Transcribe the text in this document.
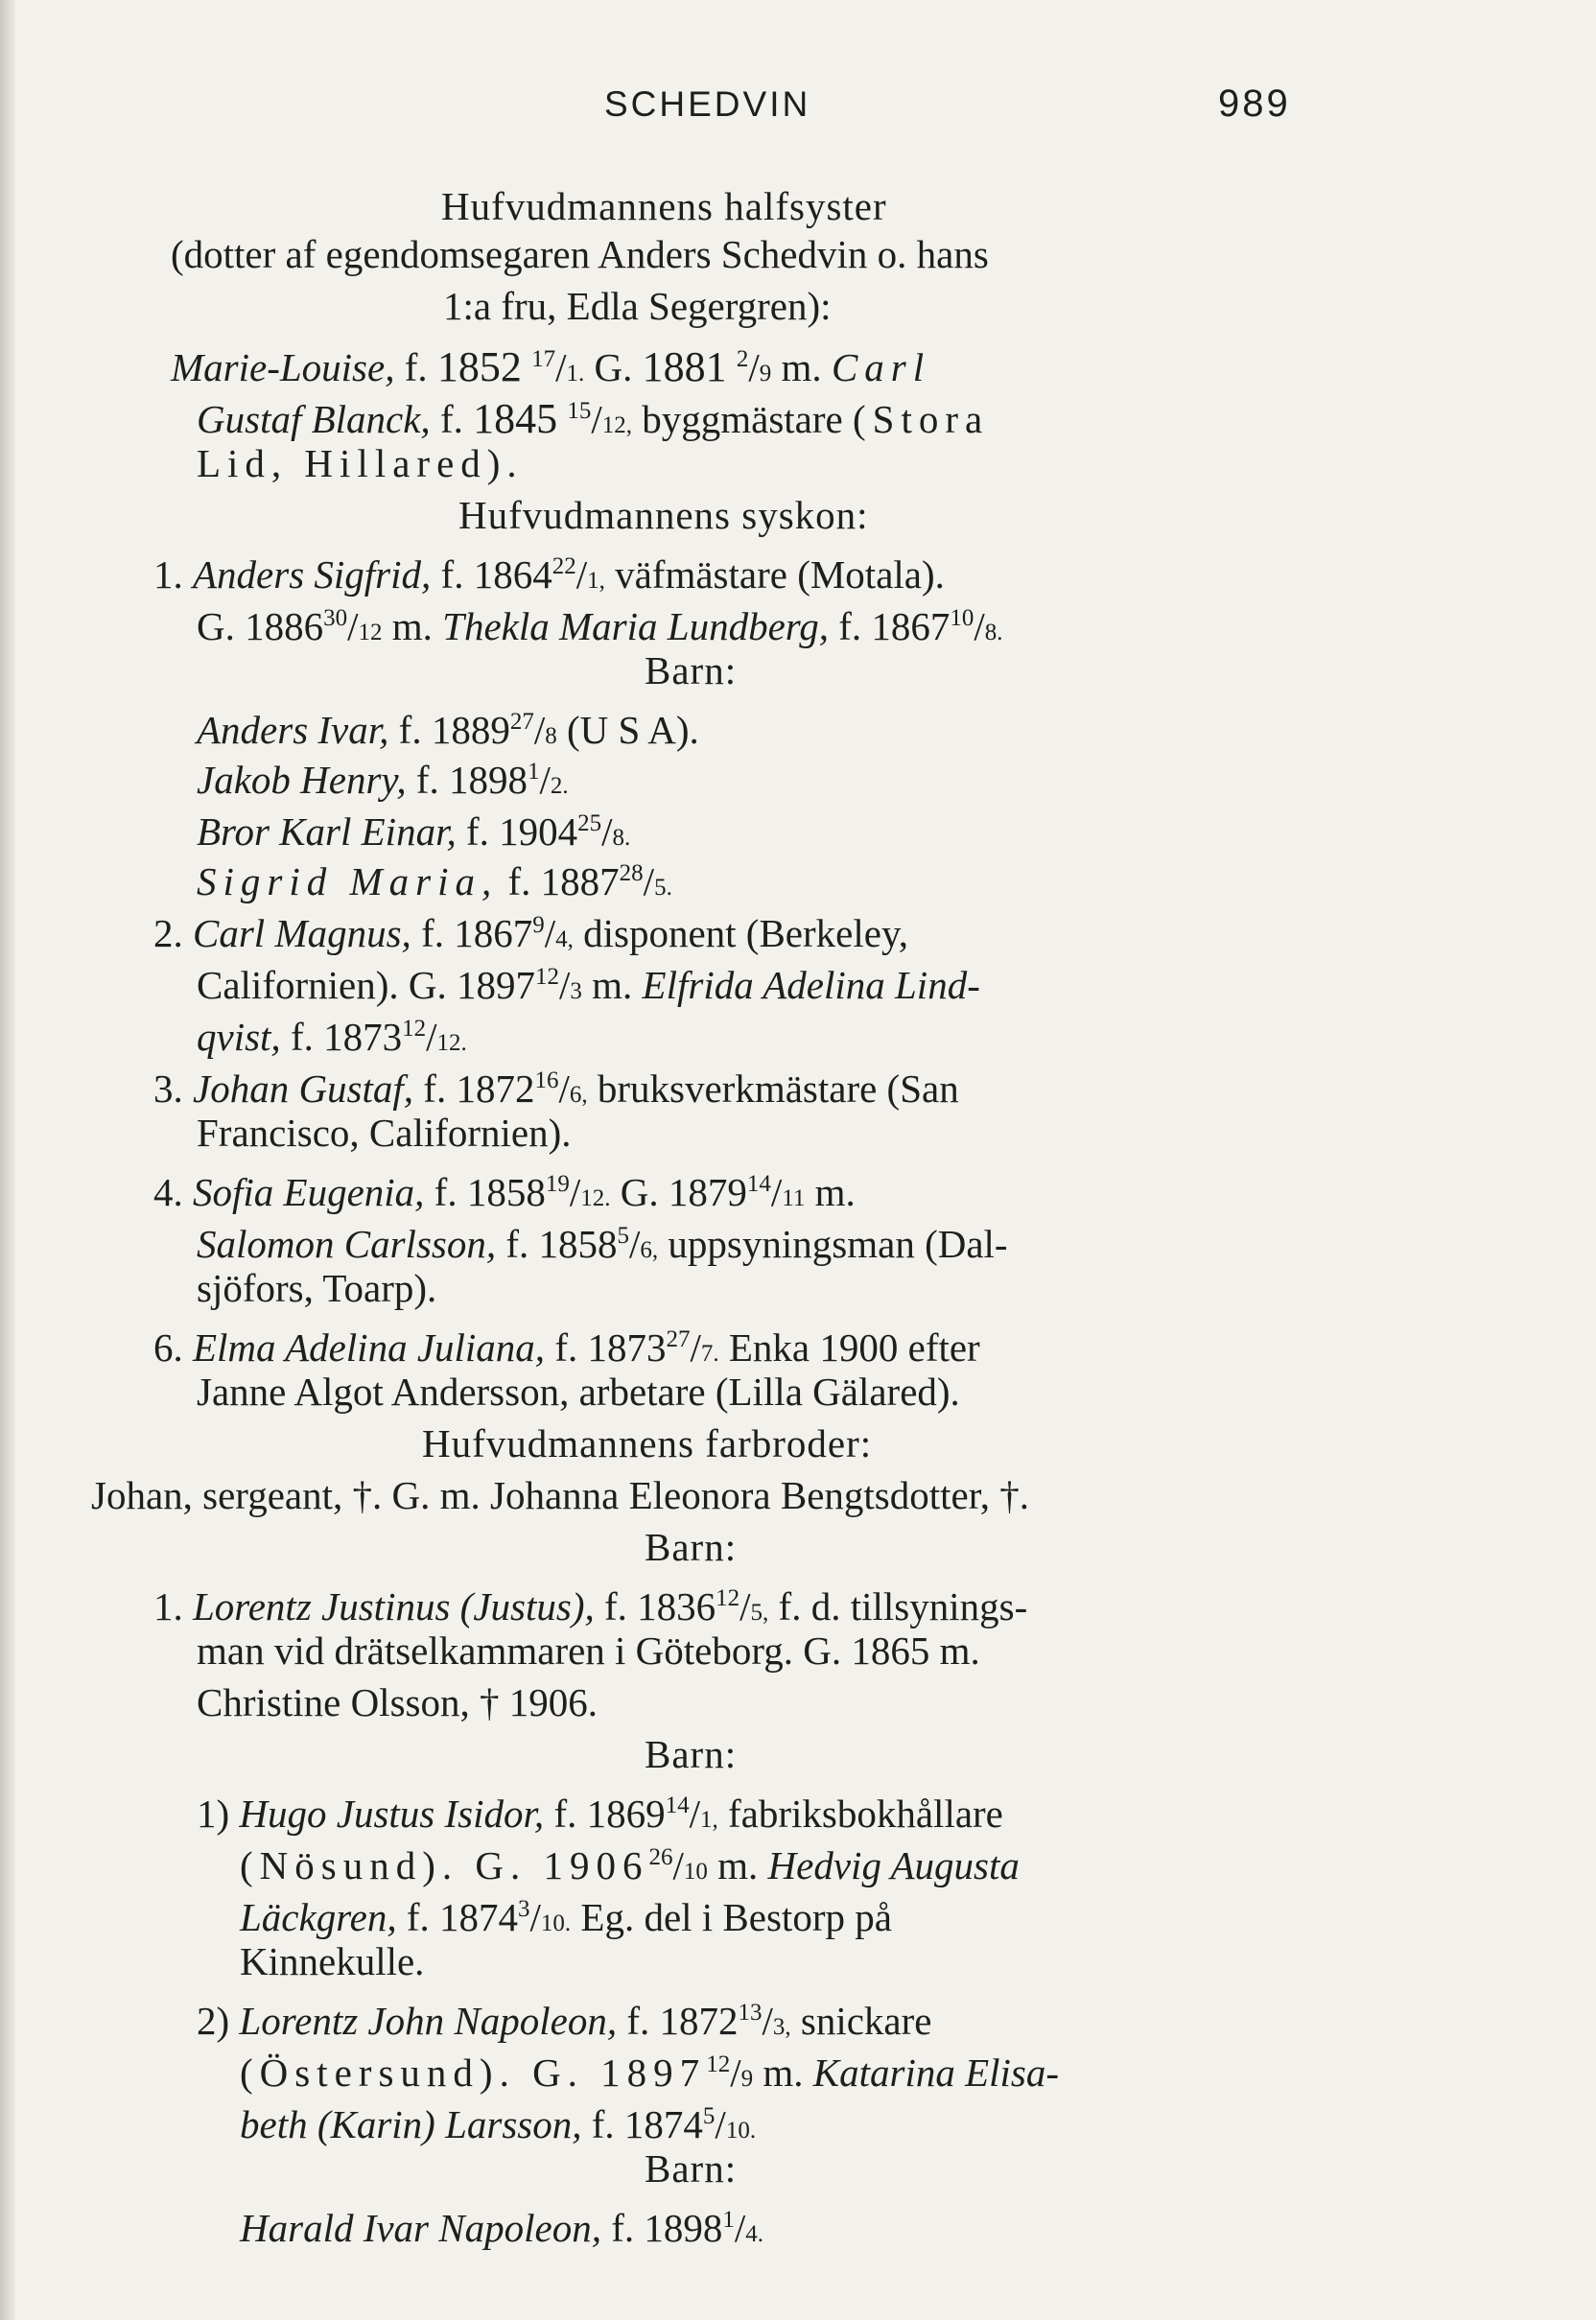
SCHEDVIN	989
Hufvudmannens halfsyster
(dotter af egendomsegaren Anders Schedvin o. hans
1:a fru, Edla Segergren):
Marie-Louise, f. 1852 $^{17}$/1. G. 1881 $^2$/9 m. Carl
Gustaf Blanck, f. 1845 $^{15}$/12, byggmästare (Stora
Lid, Hillared).
Hufvudmannens syskon:
1. Anders Sigfrid, f. 1864$^{22}$/1, väfmästare (Motala).
G. 1886$^{30}$/12 m. Thekla Maria Lundberg, f. 1867$^{10}$/8.
Barn:
Anders Ivar, f. 1889$^{27}$/8 (U S A).
Jakob Henry, f. 1898$^1$/2.
Bror Karl Einar, f. 1904$^{25}$/8.
Sigrid Maria, f. 1887$^{28}$/5.
2. Carl Magnus, f. 1867$^9$/4, disponent (Berkeley,
Californien). G. 1897$^{12}$/3 m. Elfrida Adelina Lind-
qvist, f. 1873$^{12}$/12.
3. Johan Gustaf, f. 1872$^{16}$/6, bruksverkmästare (San
Francisco, Californien).
4. Sofia Eugenia, f. 1858$^{19}$/12. G. 1879$^{14}$/11 m.
Salomon Carlsson, f. 1858$^5$/6, uppsyningsman (Dal-
sjöfors, Toarp).
6. Elma Adelina Juliana, f. 1873$^{27}$/7. Enka 1900 efter
Janne Algot Andersson, arbetare (Lilla Gälared).
Hufvudmannens farbroder:
Johan, sergeant, †. G. m. Johanna Eleonora Bengtsdotter, †.
Barn:
1. Lorentz Justinus (Justus), f. 1836$^{12}$/5, f. d. tillsynings-
man vid drätselkammaren i Göteborg. G. 1865 m.
Christine Olsson, † 1906.
Barn:
1) Hugo Justus Isidor, f. 1869$^{14}$/1, fabriksbokhållare
(Nösund). G. 1906$^{26}$/10 m. Hedvig Augusta
Läckgren, f. 1874$^3$/10. Eg. del i Bestorp på
Kinnekulle.
2) Lorentz John Napoleon, f. 1872$^{13}$/3, snickare
(Östersund). G. 1897$^{12}$/9 m. Katarina Elisa-
beth (Karin) Larsson, f. 1874$^5$/10.
Barn:
Harald Ivar Napoleon, f. 1898$^1$/4.
